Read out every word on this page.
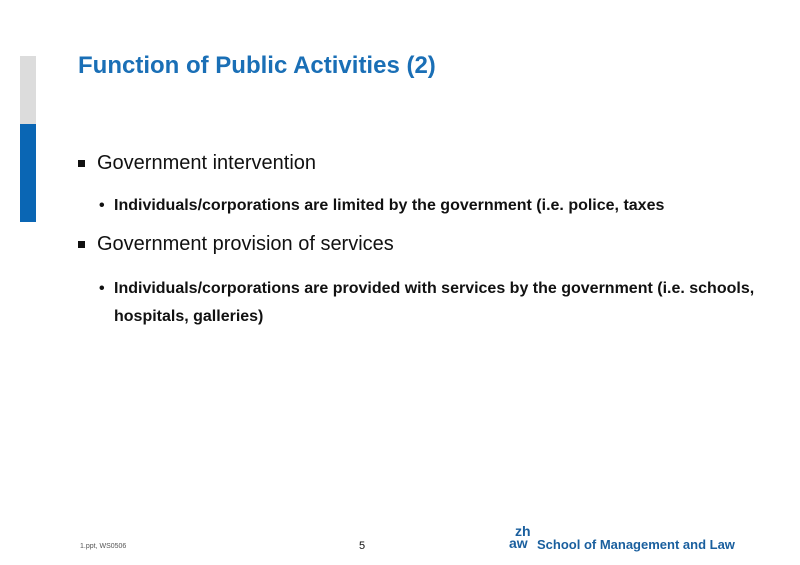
Function of Public Activities (2)
Government intervention
• Individuals/corporations are limited by the government (i.e. police, taxes
Government provision of services
• Individuals/corporations are provided with services by the government (i.e. schools, hospitals, galleries)
1.ppt, WS0506	5
zh
aw School of Management and Law
